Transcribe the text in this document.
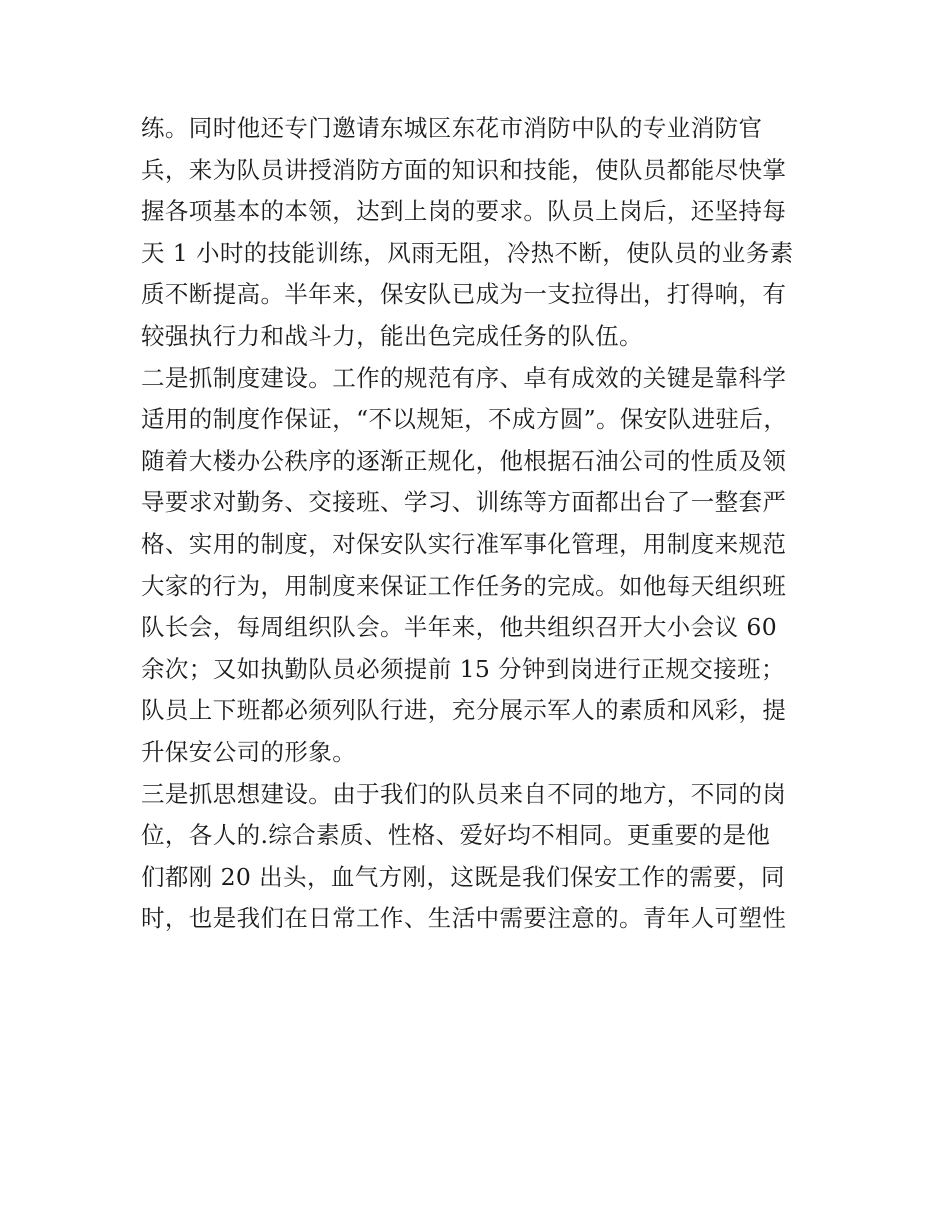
练。同时他还专门邀请东城区东花市消防中队的专业消防官
兵，来为队员讲授消防方面的知识和技能，使队员都能尽快掌
握各项基本的本领，达到上岗的要求。队员上岗后，还坚持每
天 1 小时的技能训练，风雨无阻，冷热不断，使队员的业务素
质不断提高。半年来，保安队已成为一支拉得出，打得响，有
较强执行力和战斗力，能出色完成任务的队伍。
二是抓制度建设。工作的规范有序、卓有成效的关键是靠科学
适用的制度作保证，“不以规矩，不成方圆”。保安队进驻后，
随着大楼办公秩序的逐渐正规化，他根据石油公司的性质及领
导要求对勤务、交接班、学习、训练等方面都出台了一整套严
格、实用的制度，对保安队实行准军事化管理，用制度来规范
大家的行为，用制度来保证工作任务的完成。如他每天组织班
队长会，每周组织队会。半年来，他共组织召开大小会议 60
余次；又如执勤队员必须提前 15 分钟到岗进行正规交接班；
队员上下班都必须列队行进，充分展示军人的素质和风彩，提
升保安公司的形象。
三是抓思想建设。由于我们的队员来自不同的地方，不同的岗
位，各人的.综合素质、性格、爱好均不相同。更重要的是他
们都刚 20 出头，血气方刚，这既是我们保安工作的需要，同
时，也是我们在日常工作、生活中需要注意的。青年人可塑性
